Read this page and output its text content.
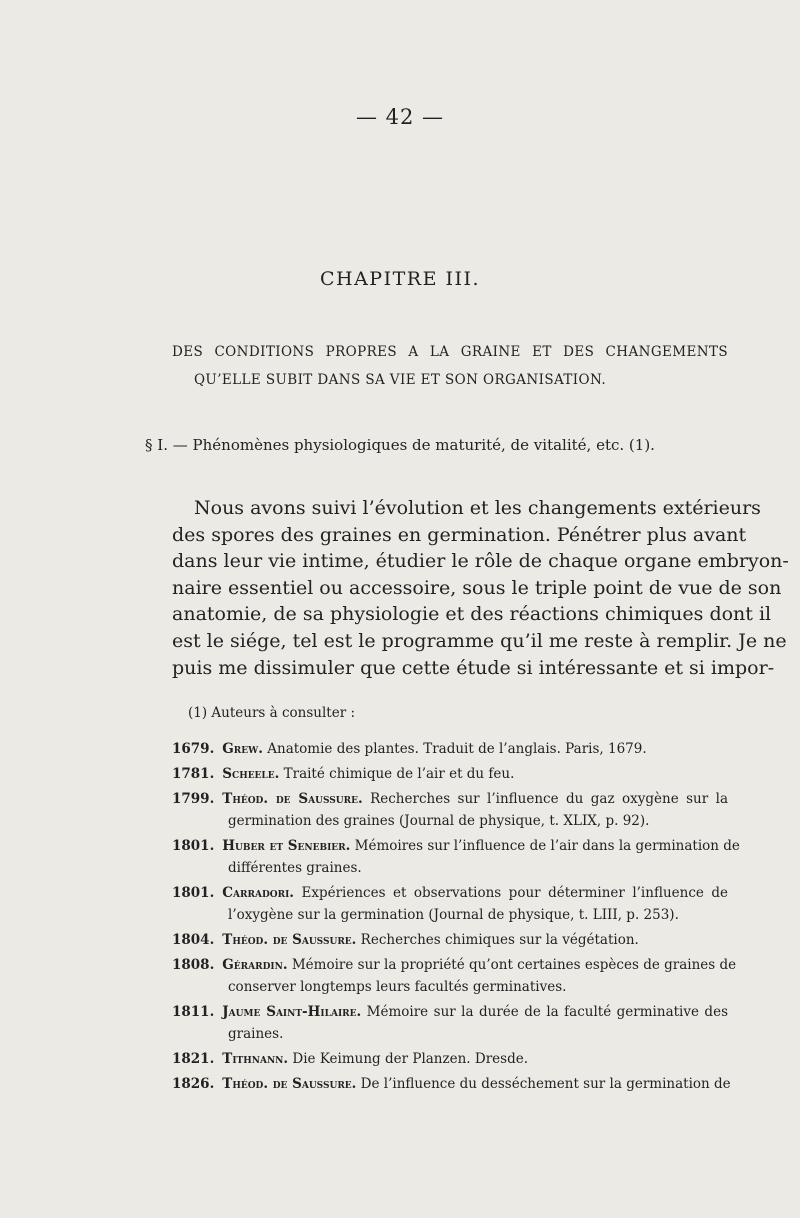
— 42 —
CHAPITRE III.
DES CONDITIONS PROPRES A LA GRAINE ET DES CHANGEMENTS
QU’ELLE SUBIT DANS SA VIE ET SON ORGANISATION.
§ I. — Phénomènes physiologiques de maturité, de vitalité, etc. (1).
Nous avons suivi l’évolution et les changements extérieurs
des spores des graines en germination. Pénétrer plus avant
dans leur vie intime, étudier le rôle de chaque organe embryon-
naire essentiel ou accessoire, sous le triple point de vue de son
anatomie, de sa physiologie et des réactions chimiques dont il
est le siége, tel est le programme qu’il me reste à remplir. Je ne
puis me dissimuler que cette étude si intéressante et si impor-
(1) Auteurs à consulter :
1679. Grew. Anatomie des plantes. Traduit de l’anglais. Paris, 1679.
1781. Scheele. Traité chimique de l’air et du feu.
1799. Théod. de Saussure. Recherches sur l’influence du gaz oxygène sur la
germination des graines (Journal de physique, t. XLIX, p. 92).
1801. Huber et Senebier. Mémoires sur l’influence de l’air dans la germination de
différentes graines.
1801. Carradori. Expériences et observations pour déterminer l’influence de
l’oxygène sur la germination (Journal de physique, t. LIII, p. 253).
1804. Théod. de Saussure. Recherches chimiques sur la végétation.
1808. Gérardin. Mémoire sur la propriété qu’ont certaines espèces de graines de
conserver longtemps leurs facultés germinatives.
1811. Jaume Saint-Hilaire. Mémoire sur la durée de la faculté germinative des
graines.
1821. Tithnann. Die Keimung der Planzen. Dresde.
1826. Théod. de Saussure. De l’influence du desséchement sur la germination de
